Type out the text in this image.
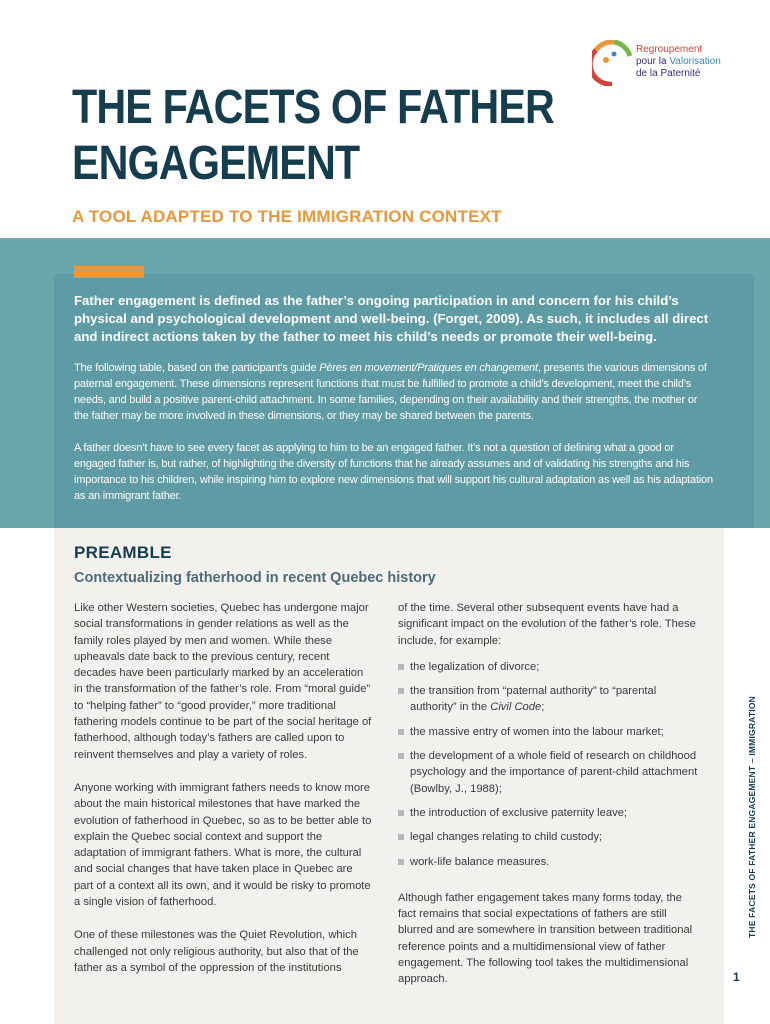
Regroupement
pour la Valorisation
de la Paternité
THE FACETS OF FATHER ENGAGEMENT
A TOOL ADAPTED TO THE IMMIGRATION CONTEXT

Father engagement is defined as the father’s ongoing participation in and concern for his child’s physical and psychological development and well-being. (Forget, 2009). As such, it includes all direct and indirect actions taken by the father to meet his child’s needs or promote their well-being.

The following table, based on the participant’s guide Pères en movement/Pratiques en changement, presents the various dimensions of paternal engagement. These dimensions represent functions that must be fulfilled to promote a child’s development, meet the child’s needs, and build a positive parent-child attachment. In some families, depending on their availability and their strengths, the mother or the father may be more involved in these dimensions, or they may be shared between the parents.

A father doesn’t have to see every facet as applying to him to be an engaged father. It’s not a question of defining what a good or engaged father is, but rather, of highlighting the diversity of functions that he already assumes and of validating his strengths and his importance to his children, while inspiring him to explore new dimensions that will support his cultural adaptation as well as his adaptation as an immigrant father.

PREAMBLE
Contextualizing fatherhood in recent Quebec history

Like other Western societies, Quebec has undergone major social transformations in gender relations as well as the family roles played by men and women. While these upheavals date back to the previous century, recent decades have been particularly marked by an acceleration in the transformation of the father’s role. From “moral guide” to “helping father” to “good provider,” more traditional fathering models continue to be part of the social heritage of fatherhood, although today’s fathers are called upon to reinvent themselves and play a variety of roles.

Anyone working with immigrant fathers needs to know more about the main historical milestones that have marked the evolution of fatherhood in Quebec, so as to be better able to explain the Quebec social context and support the adaptation of immigrant fathers. What is more, the cultural and social changes that have taken place in Quebec are part of a context all its own, and it would be risky to promote a single vision of fatherhood.

One of these milestones was the Quiet Revolution, which challenged not only religious authority, but also that of the father as a symbol of the oppression of the institutions

of the time. Several other subsequent events have had a significant impact on the evolution of the father’s role. These include, for example:

the legalization of divorce;
the transition from “paternal authority” to “parental authority” in the Civil Code;
the massive entry of women into the labour market;
the development of a whole field of research on childhood psychology and the importance of parent-child attachment (Bowlby, J., 1988);
the introduction of exclusive paternity leave;
legal changes relating to child custody;
work-life balance measures.

Although father engagement takes many forms today, the fact remains that social expectations of fathers are still blurred and are somewhere in transition between traditional reference points and a multidimensional view of father engagement. The following tool takes the multidimensional approach.

THE FACETS OF FATHER ENGAGEMENT – IMMIGRATION
1
